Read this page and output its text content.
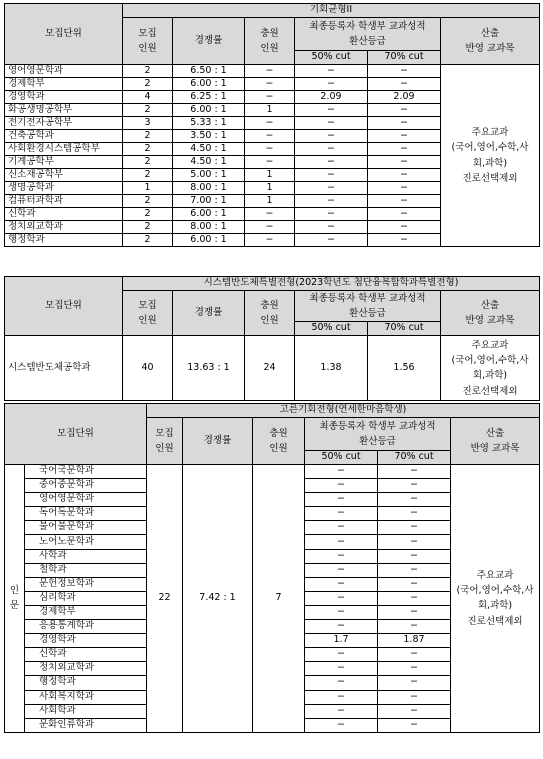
모집단위	기회균형II					
	모집
인원	경쟁률	충원
인원	최종등록자 학생부 교과성적
환산등급		산출
반영 교과목
				50% cut	70% cut	
영어영문학과	2	6.50 : 1	−	−	−	주요교과
(국어,영어,수학,사
회,과학)
진로선택제외
경제학부	2	6.00 : 1	−	−	−	
경영학과	4	6.25 : 1	−	2.09	2.09	
화공생명공학부	2	6.00 : 1	1	−	−	
전기전자공학부	3	5.33 : 1	−	−	−	
건축공학과	2	3.50 : 1	−	−	−	
사회환경시스템공학부	2	4.50 : 1	−	−	−	
기계공학부	2	4.50 : 1	−	−	−	
신소재공학부	2	5.00 : 1	1	−	−	
생명공학과	1	8.00 : 1	1	−	−	
컴퓨터과학과	2	7.00 : 1	1	−	−	
신학과	2	6.00 : 1	−	−	−	
정치외교학과	2	8.00 : 1	−	−	−	
행정학과	2	6.00 : 1	−	−	−	
모집단위	시스템반도체특별전형(2023학년도 첨단융복합학과특별전형)					
	모집
인원	경쟁률	충원
인원	최종등록자 학생부 교과성적
환산등급		산출
반영 교과목
				50% cut	70% cut	
시스템반도체공학과	40	13.63 : 1	24	1.38	1.56	주요교과
(국어,영어,수학,사
회,과학)
진로선택제외
모집단위		고른기회전형(연세한마음학생)					
		모집
인원	경쟁률	충원
인원	최종등록자 학생부 교과성적
환산등급		산출
반영 교과목
					50% cut	70% cut	
인
문	국어국문학과	22	7.42 : 1	7	−	−	주요교과
(국어,영어,수학,사
회,과학)
진로선택제외
	중어중문학과				−	−	
	영어영문학과				−	−	
	독어독문학과				−	−	
	불어불문학과				−	−	
	노어노문학과				−	−	
	사학과				−	−	
	철학과				−	−	
	문헌정보학과				−	−	
	심리학과				−	−	
	경제학부				−	−	
	응용통계학과				−	−	
	경영학과				1.7	1.87	
	신학과				−	−	
	정치외교학과				−	−	
	행정학과				−	−	
	사회복지학과				−	−	
	사회학과				−	−	
	문화인류학과				−	−	
